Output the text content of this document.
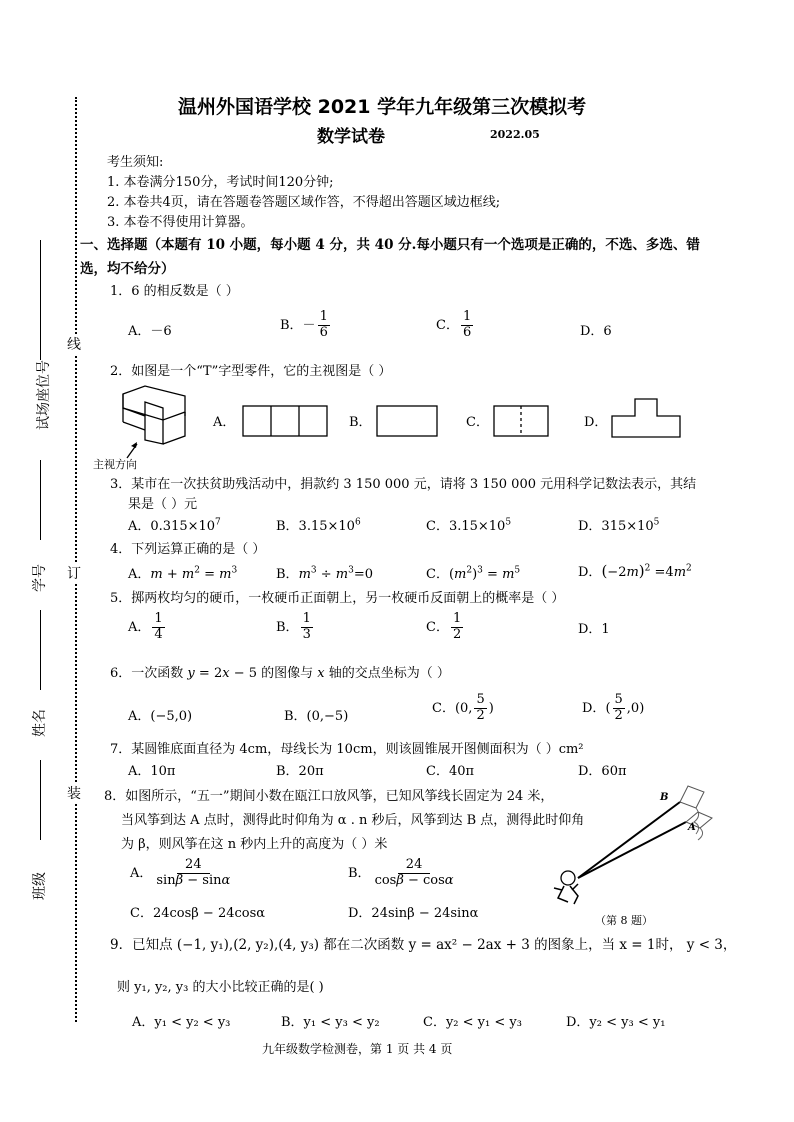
试场座位号
学号
姓名
班级
线
订
装
温州外国语学校 2021 学年九年级第三次模拟考
数学试卷	2022.05
考生须知:
1. 本卷满分150分，考试时间120分钟;
2. 本卷共4页，请在答题卷答题区域作答，不得超出答题区域边框线;
3. 本卷不得使用计算器。
一、选择题（本题有 10 小题，每小题 4 分，共 40 分.每小题只有一个选项是正确的，不选、多选、错
选，均不给分）
1．6 的相反数是（ ）
A．－6	B．－ $\frac{1}{6}$	C． $\frac{1}{6}$	D．6
2．如图是一个“T”字型零件，它的主视图是（ ）
主视方向
A．	B．	C．	D．
3．某市在一次扶贫助残活动中，捐款约 3 150 000 元，请将 3 150 000 元用科学记数法表示，其结
果是（ ）元
A．$0.315\times 10^7$	B．$3.15\times 10^6$	C．$3.15\times 10^5$	D．$315\times 10^5$
4．下列运算正确的是（ ）
A．$m + m^2 = m^3$	B．$m^3 \div m^3=0$	C．$(m^2)^3 = m^5$	D．$(-2m)^2 =4m^2$
5．掷两枚均匀的硬币，一枚硬币正面朝上，另一枚硬币反面朝上的概率是（ ）
A． $\frac{1}{4}$	B． $\frac{1}{3}$	C． $\frac{1}{2}$	D．1
6．一次函数 y = 2x − 5 的图像与 x 轴的交点坐标为（ ）
A．(−5,0)	B．(0,−5)
C．(0, $\frac{5}{2}$ )	D．( $\frac{5}{2} ,0$)
7．某圆锥底面直径为 4cm，母线长为 10cm，则该圆锥展开图侧面积为（ ）cm²
A．10π	B．20π	C．40π	D．60π
8．如图所示，“五一”期间小数在瓯江口放风筝，已知风筝线长固定为 24 米，
当风筝到达 A 点时，测得此时仰角为 α . n 秒后，风筝到达 B 点，测得此时仰角
为 β，则风筝在这 n 秒内上升的高度为（ ）米
A． $\frac{24}{\sin\beta - \sin\alpha}$	B． $\frac{24}{\cos\beta - \cos\alpha}$
C．24cosβ − 24cosα	D．24sinβ − 24sinα
B
A
（第 8 题）
9．已知点 (−1, y₁),(2, y₂),(4, y₃) 都在二次函数 y = ax² − 2ax + 3 的图象上，当 x = 1时， y < 3，
则 y₁, y₂, y₃ 的大小比较正确的是( )
A．y₁ < y₂ < y₃	B．y₁ < y₃ < y₂	C．y₂ < y₁ < y₃	D．y₂ < y₃ < y₁
九年级数学检测卷，第 1 页 共 4 页
